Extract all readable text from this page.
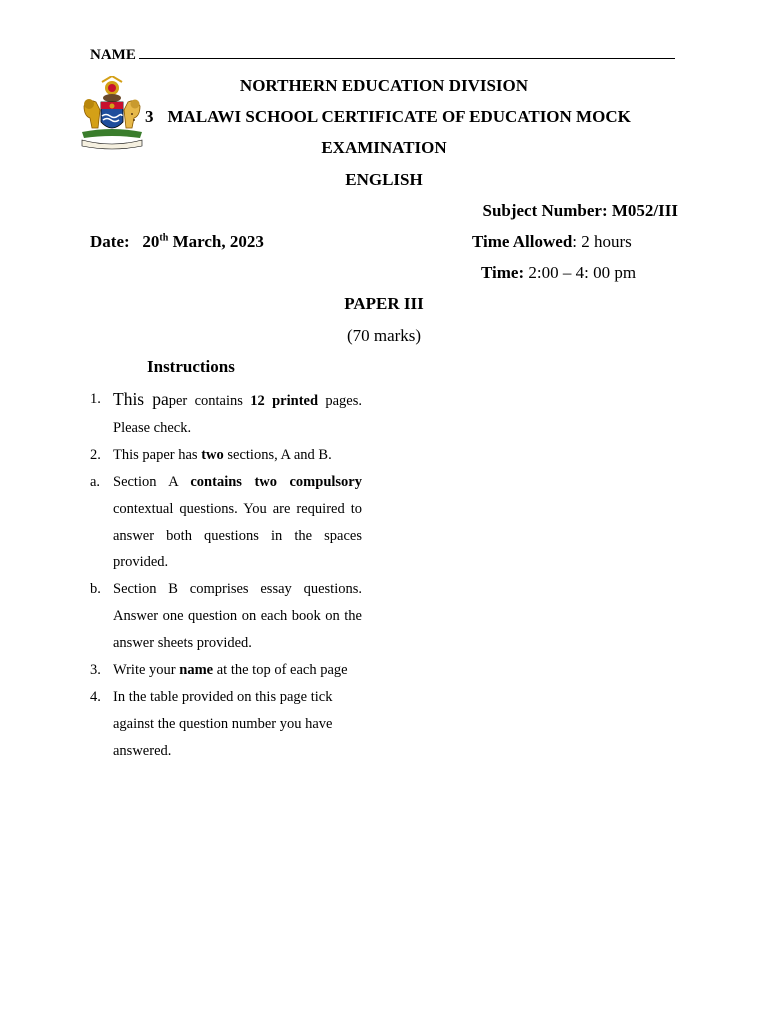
NAME
NORTHERN EDUCATION DIVISION
3 MALAWI SCHOOL CERTIFICATE OF EDUCATION MOCK
EXAMINATION
ENGLISH
Subject Number: M052/III
Date: 20th March, 2023	Time Allowed: 2 hours
Time: 2:00 – 4: 00 pm
PAPER III
(70 marks)
Instructions
1. This paper contains 12 printed pages. Please check.
2. This paper has two sections, A and B.
a. Section A contains two compulsory contextual questions. You are required to answer both questions in the spaces provided.
b. Section B comprises essay questions. Answer one question on each book on the answer sheets provided.
3. Write your name at the top of each page
4. In the table provided on this page tick against the question number you have answered.
